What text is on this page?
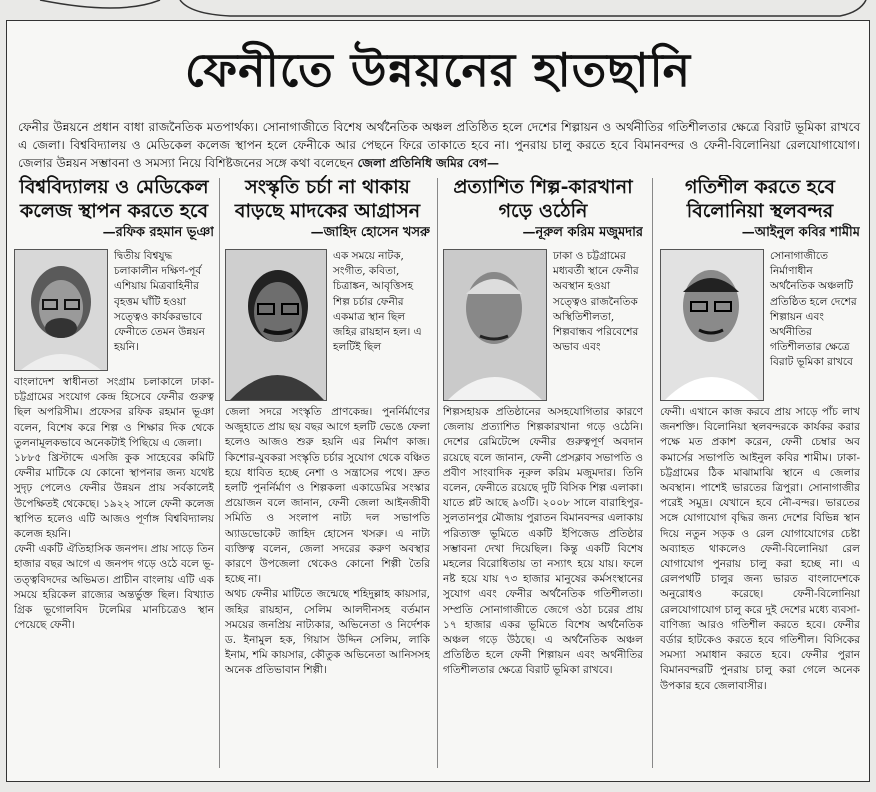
ফেনীতে উন্নয়নের হাতছানি
ফেনীর উন্নয়নে প্রধান বাধা রাজনৈতিক মতপার্থক্য। সোনাগাজীতে বিশেষ অর্থনৈতিক অঞ্চল প্রতিষ্ঠিত হলে দেশের শিল্পায়ন ও অর্থনীতির গতিশীলতার ক্ষেত্রে বিরাট ভূমিকা রাখবে এ জেলা। বিশ্ববিদ্যালয় ও মেডিকেল কলেজ স্থাপন হলে ফেনীকে আর পেছনে ফিরে তাকাতে হবে না। পুনরায় চালু করতে হবে বিমানবন্দর ও ফেনী-বিলোনিয়া রেলযোগাযোগ। জেলার উন্নয়ন সম্ভাবনা ও সমস্যা নিয়ে বিশিষ্টজনের সঙ্গে কথা বলেছেন জেলা প্রতিনিধি জমির বেগ—
বিশ্ববিদ্যালয় ও মেডিকেল কলেজ স্থাপন করতে হবে
—রফিক রহমান ভূঞা
দ্বিতীয় বিশ্বযুদ্ধ চলাকালীন দক্ষিণ-পূর্ব এশিয়ায় মিত্রবাহিনীর বৃহত্তম ঘাঁটি হওয়া সত্ত্বেও কার্যকরভাবে ফেনীতে তেমন উন্নয়ন হয়নি।

বাংলাদেশ স্বাধীনতা সংগ্রাম চলাকালে ঢাকা-চট্টগ্রামের সংযোগ কেন্দ্র হিসেবে ফেনীর গুরুত্ব ছিল অপরিসীম। প্রফেসর রফিক রহমান ভূঞা বলেন, বিশেষ করে শিল্প ও শিক্ষার দিক থেকে তুলনামূলকভাবে অনেকটাই পিছিয়ে এ জেলা।

১৮৮৫ খ্রিস্টাব্দে এসজি কুক সাহেবের কমিটি ফেনীর মাটিকে যে কোনো স্থাপনার জন্য যথেষ্ট সুদৃঢ় পেলেও ফেনীর উন্নয়ন প্রায় সর্বকালেই উপেক্ষিতই থেকেছে। ১৯২২ সালে ফেনী কলেজ স্থাপিত হলেও এটি আজও পূর্ণাঙ্গ বিশ্ববিদ্যালয় কলেজ হয়নি।

ফেনী একটি ঐতিহাসিক জনপদ। প্রায় সাড়ে তিন হাজার বছর আগে এ জনপদ গড়ে ওঠে বলে ভূ-তত্ত্ববিদদের অভিমত। প্রাচীন বাংলায় এটি এক সময়ে হরিকেল রাজ্যের অন্তর্ভুক্ত ছিল। বিখ্যাত গ্রিক ভূগোলবিদ টলেমির মানচিত্রেও স্থান পেয়েছে ফেনী।

সংস্কৃতি চর্চা না থাকায় বাড়ছে মাদকের আগ্রাসন
—জাহিদ হোসেন খসরু
এক সময়ে নাটক, সংগীত, কবিতা, চিত্রাঙ্কন, আবৃত্তিসহ শিল্প চর্চার ফেনীর একমাত্র স্থান ছিল জহির রায়হান হল। এ হলটিই ছিল

জেলা সদরে সংস্কৃতি প্রাণকেন্দ্র। পুনর্নির্মাণের অজুহাতে প্রায় ছয় বছর আগে হলটি ভেঙে ফেলা হলেও আজও শুরু হয়নি এর নির্মাণ কাজ। কিশোর-যুবকরা সংস্কৃতি চর্চার সুযোগ থেকে বঞ্চিত হয়ে ধাবিত হচ্ছে নেশা ও সন্ত্রাসের পথে। দ্রুত হলটি পুনর্নির্মাণ ও শিল্পকলা একাডেমির সংস্কার প্রয়োজন বলে জানান, ফেনী জেলা আইনজীবী সমিতি ও সংলাপ নাট্য দল সভাপতি অ্যাডভোকেট জাহিদ হোসেন খসরু। এ নাট্য ব্যক্তিত্ব বলেন, জেলা সদরের করুণ অবস্থার কারণে উপজেলা থেকেও কোনো শিল্পী তৈরি হচ্ছে না।

অথচ ফেনীর মাটিতে জন্মেছে শহিদুল্লাহ কায়সার, জহির রায়হান, সেলিম আলদীনসহ বর্তমান সময়ের জনপ্রিয় নাট্যকার, অভিনেতা ও নির্দেশক ড. ইনামুল হক, গিয়াস উদ্দিন সেলিম, লাকি ইনাম, শমি কায়সার, কৌতুক অভিনেতা আনিসসহ অনেক প্রতিভাবান শিল্পী।

প্রত্যাশিত শিল্প-কারখানা গড়ে ওঠেনি
—নূরুল করিম মজুমদার
ঢাকা ও চট্টগ্রামের মধ্যবর্তী স্থানে ফেনীর অবস্থান হওয়া সত্ত্বেও রাজনৈতিক অস্থিতিশীলতা, শিল্পবান্ধব পরিবেশের অভাব এবং

শিল্পসহায়ক প্রতিষ্ঠানের অসহযোগিতার কারণে জেলায় প্রত্যাশিত শিল্পকারখানা গড়ে ওঠেনি। দেশের রেমিটেন্সে ফেনীর গুরুত্বপূর্ণ অবদান রয়েছে বলে জানান, ফেনী প্রেসক্লাব সভাপতি ও প্রবীণ সাংবাদিক নূরুল করিম মজুমদার। তিনি বলেন, ফেনীতে রয়েছে দুটি বিসিক শিল্প এলাকা। যাতে প্লট আছে ৯৩টি। ২০০৮ সালে বারাহিপুর-সুলতানপুর মৌজায় পুরাতন বিমানবন্দর এলাকায় পরিত্যক্ত ভূমিতে একটি ইপিজেড প্রতিষ্ঠার সম্ভাবনা দেখা দিয়েছিল। কিন্তু একটি বিশেষ মহলের বিরোধিতায় তা নস্যাৎ হয়ে যায়। ফলে নষ্ট হয়ে যায় ৭৩ হাজার মানুষের কর্মসংস্থানের সুযোগ এবং ফেনীর অর্থনৈতিক গতিশীলতা। সম্প্রতি সোনাগাজীতে জেগে ওঠা চরের প্রায় ১৭ হাজার একর ভূমিতে বিশেষ অর্থনৈতিক অঞ্চল গড়ে উঠছে। এ অর্থনৈতিক অঞ্চল প্রতিষ্ঠিত হলে ফেনী শিল্পায়ন এবং অর্থনীতির গতিশীলতার ক্ষেত্রে বিরাট ভূমিকা রাখবে।

গতিশীল করতে হবে বিলোনিয়া স্থলবন্দর
—আইনুল কবির শামীম
সোনাগাজীতে নির্মাণাধীন অর্থনৈতিক অঞ্চলটি প্রতিষ্ঠিত হলে দেশের শিল্পায়ন এবং অর্থনীতির গতিশীলতার ক্ষেত্রে বিরাট ভূমিকা রাখবে

ফেনী। এখানে কাজ করবে প্রায় সাড়ে পাঁচ লাখ জনশক্তি। বিলোনিয়া স্থলবন্দরকে কার্যকর করার পক্ষে মত প্রকাশ করেন, ফেনী চেম্বার অব কমার্সের সভাপতি আইনুল কবির শামীম। ঢাকা-চট্টগ্রামের ঠিক মাঝামাঝি স্থানে এ জেলার অবস্থান। পাশেই ভারতের ত্রিপুরা। সোনাগাজীর পরেই সমুদ্র। যেখানে হবে নৌ-বন্দর। ভারতের সঙ্গে যোগাযোগ বৃদ্ধির জন্য দেশের বিভিন্ন স্থান দিয়ে নতুন সড়ক ও রেল যোগাযোগের চেষ্টা অব্যাহত থাকলেও ফেনী-বিলোনিয়া রেল যোগাযোগ পুনরায় চালু করা হচ্ছে না। এ রেলপথটি চালুর জন্য ভারত বাংলাদেশকে অনুরোধও করেছে। ফেনী-বিলোনিয়া রেলযোগাযোগ চালু করে দুই দেশের মধ্যে ব্যবসা-বাণিজ্য আরও গতিশীল করতে হবে। ফেনীর বর্ডার হাটকেও করতে হবে গতিশীল। বিসিকের সমস্যা সমাধান করতে হবে। ফেনীর পুরান বিমানবন্দরটি পুনরায় চালু করা গেলে অনেক উপকার হবে জেলাবাসীর।
